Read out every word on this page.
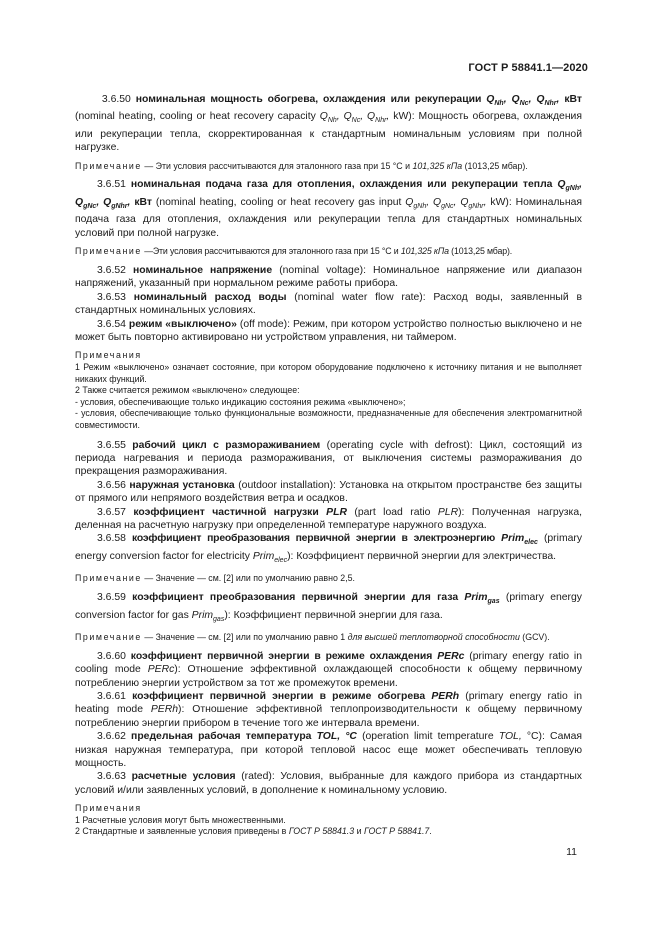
ГОСТ Р 58841.1—2020

3.6.50 номинальная мощность обогрева, охлаждения или рекуперации $Q_{Nh}$, $Q_{Nc}$, $Q_{Nhr}$, кВт (nominal heating, cooling or heat recovery capacity $Q_{Nh}$, $Q_{Nc}$, $Q_{Nhr}$, kW): Мощность обогрева, охлаждения или рекуперации тепла, скорректированная к стандартным номинальным условиям при полной нагрузке.

Примечание — Эти условия рассчитываются для эталонного газа при 15 °С и 101,325 кПа (1013,25 мбар).

3.6.51 номинальная подача газа для отопления, охлаждения или рекуперации тепла $Q_{gNh}$, $Q_{gNc}$, $Q_{gNhr}$, кВт (nominal heating, cooling or heat recovery gas input $Q_{gNh}$, $Q_{gNc}$, $Q_{gNhr}$, kW): Номинальная подача газа для отопления, охлаждения или рекуперации тепла для стандартных номинальных условий при полной нагрузке.

Примечание —Эти условия рассчитываются для эталонного газа при 15 °С и 101,325 кПа (1013,25 мбар).

3.6.52 номинальное напряжение (nominal voltage): Номинальное напряжение или диапазон напряжений, указанный при нормальном режиме работы прибора.

3.6.53 номинальный расход воды (nominal water flow rate): Расход воды, заявленный в стандартных номинальных условиях.

3.6.54 режим «выключено» (off mode): Режим, при котором устройство полностью выключено и не может быть повторно активировано ни устройством управления, ни таймером.

Примечания

1 Режим «выключено» означает состояние, при котором оборудование подключено к источнику питания и не выполняет никаких функций.

2 Также считается режимом «выключено» следующее:

- условия, обеспечивающие только индикацию состояния режима «выключено»;

- условия, обеспечивающие только функциональные возможности, предназначенные для обеспечения электромагнитной совместимости.

3.6.55 рабочий цикл с размораживанием (operating cycle with defrost): Цикл, состоящий из периода нагревания и периода размораживания, от выключения системы размораживания до прекращения размораживания.

3.6.56 наружная установка (outdoor installation): Установка на открытом пространстве без защиты от прямого или непрямого воздействия ветра и осадков.

3.6.57 коэффициент частичной нагрузки PLR (part load ratio PLR): Полученная нагрузка, деленная на расчетную нагрузку при определенной температуре наружного воздуха.

3.6.58 коэффициент преобразования первичной энергии в электроэнергию Prim$_{elec}$ (primary energy conversion factor for electricity Prim$_{elec}$): Коэффициент первичной энергии для электричества.

Примечание — Значение — см. [2] или по умолчанию равно 2,5.

3.6.59 коэффициент преобразования первичной энергии для газа Prim$_{gas}$ (primary energy conversion factor for gas Prim$_{gas}$): Коэффициент первичной энергии для газа.

Примечание — Значение — см. [2] или по умолчанию равно 1 для высшей теплотворной способности (GCV).

3.6.60 коэффициент первичной энергии в режиме охлаждения PERc (primary energy ratio in cooling mode PERc): Отношение эффективной охлаждающей способности к общему первичному потреблению энергии устройством за тот же промежуток времени.

3.6.61 коэффициент первичной энергии в режиме обогрева PERh (primary energy ratio in heating mode PERh): Отношение эффективной теплопроизводительности к общему первичному потреблению энергии прибором в течение того же интервала времени.

3.6.62 предельная рабочая температура TOL, °C (operation limit temperature TOL, °C): Самая низкая наружная температура, при которой тепловой насос еще может обеспечивать тепловую мощность.

3.6.63 расчетные условия (rated): Условия, выбранные для каждого прибора из стандартных условий и/или заявленных условий, в дополнение к номинальному условию.

Примечания

1 Расчетные условия могут быть множественными.

2 Стандартные и заявленные условия приведены в ГОСТ Р 58841.3 и ГОСТ Р 58841.7.

11
